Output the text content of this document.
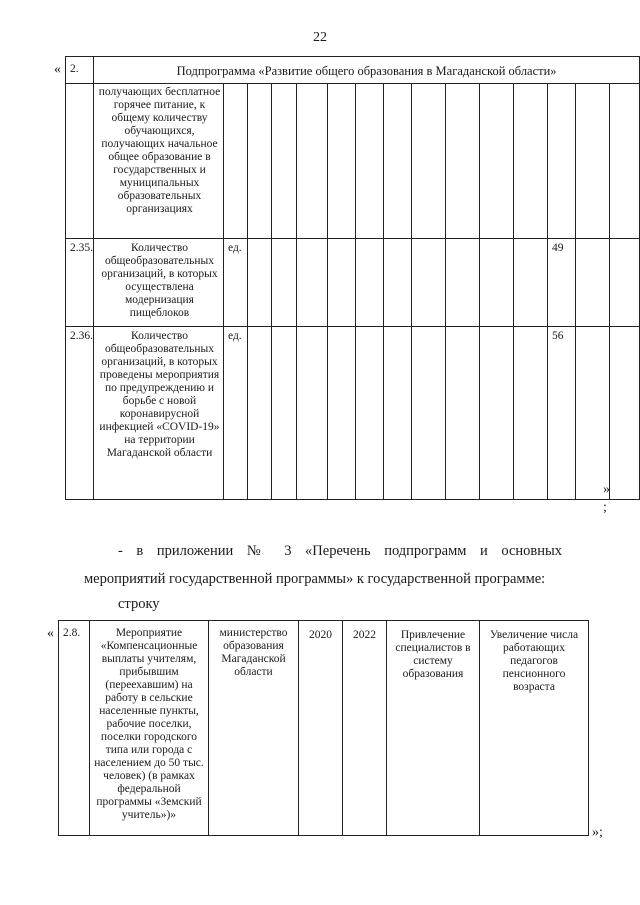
22
« 2.	Подпрограмма «Развитие общего образования в Магаданской области»														
	получающих бесплатное горячее питание, к общему количеству обучающихся, получающих начальное общее образование в государственных и муниципальных образовательных организациях														
2.35.	Количество общеобразовательных организаций, в которых осуществлена модернизация пищеблоков	ед.											49		
2.36.	Количество общеобразовательных организаций, в которых проведены мероприятия по предупреждению и борьбе с новой коронавирусной инфекцией «COVID-19» на территории Магаданской области	ед.											56		
»
;
- в приложении № 3 «Перечень подпрограмм и основных
мероприятий государственной программы» к государственной программе:
строку
« 2.8.	Мероприятие «Компенсационные выплаты учителям, прибывшим (переехавшим) на работу в сельские населенные пункты, рабочие поселки, поселки городского типа или города с населением до 50 тыс. человек) (в рамках федеральной программы «Земский учитель»)»	министерство образования Магаданской области	2020	2022	Привлечение специалистов в систему образования	Увеличение числа работающих педагогов пенсионного возраста
»;
